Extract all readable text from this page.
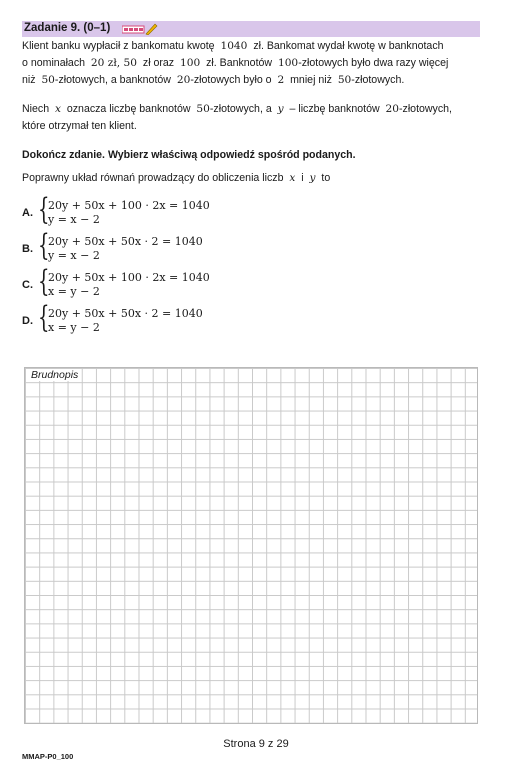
Zadanie 9. (0–1)
Klient banku wypłacił z bankomatu kwotę 1040 zł. Bankomat wydał kwotę w banknotach
o nominałach 20 zł, 50 zł oraz 100 zł. Banknotów 100-złotowych było dwa razy więcej
niż 50-złotowych, a banknotów 20-złotowych było o 2 mniej niż 50-złotowych.
Niech x oznacza liczbę banknotów 50-złotowych, a y – liczbę banknotów 20-złotowych,
które otrzymał ten klient.
Dokończ zdanie. Wybierz właściwą odpowiedź spośród podanych.
Poprawny układ równań prowadzący do obliczenia liczb x i y to
A. {
20y + 50x + 100 · 2x = 1040
y = x − 2
B. {
20y + 50x + 50x · 2 = 1040
y = x − 2
C. {
20y + 50x + 100 · 2x = 1040
x = y − 2
D. {
20y + 50x + 50x · 2 = 1040
x = y − 2
Brudnopis
Strona 9 z 29
MMAP-P0_100
